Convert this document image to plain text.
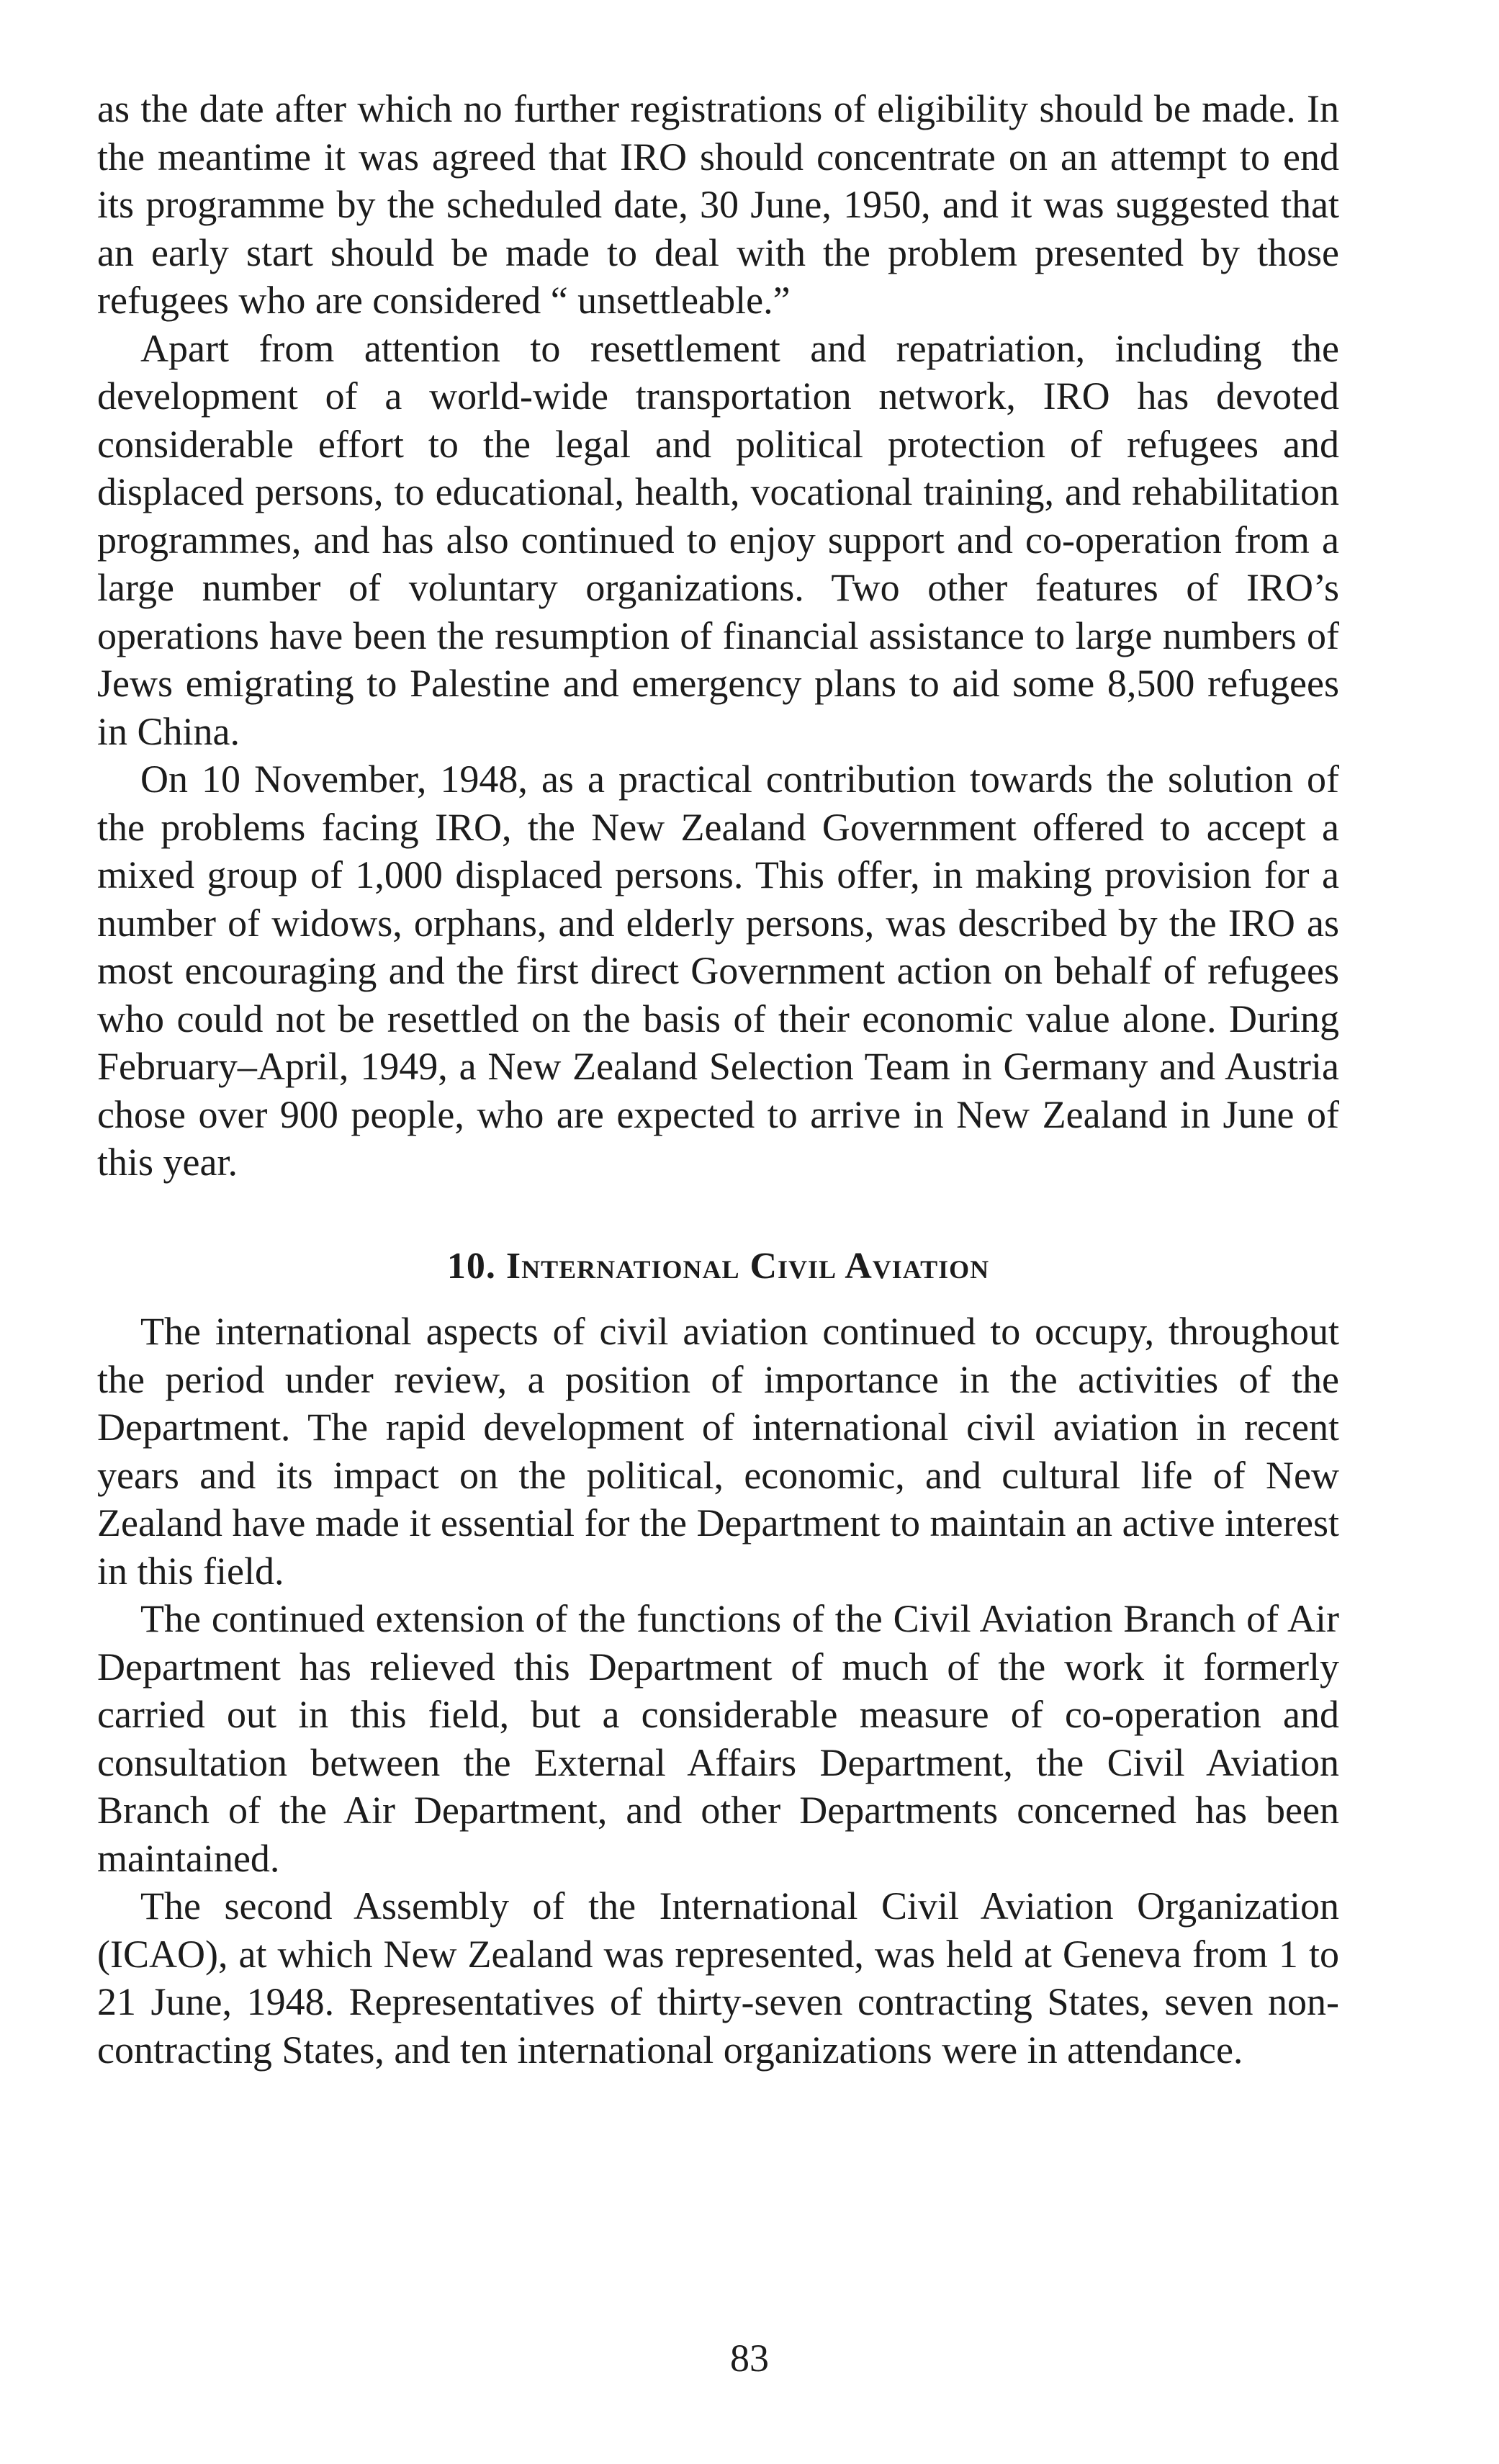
as the date after which no further registrations of eligibility should be made. In the meantime it was agreed that IRO should concentrate on an attempt to end its programme by the scheduled date, 30 June, 1950, and it was suggested that an early start should be made to deal with the problem presented by those refugees who are considered “ unsettleable.”

Apart from attention to resettlement and repatriation, including the development of a world-wide transportation network, IRO has devoted considerable effort to the legal and political protection of refugees and displaced persons, to educational, health, vocational training, and rehabilitation programmes, and has also continued to enjoy support and co-operation from a large number of voluntary organizations. Two other features of IRO’s operations have been the resumption of financial assistance to large numbers of Jews emigrating to Palestine and emergency plans to aid some 8,500 refugees in China.

On 10 November, 1948, as a practical contribution towards the solution of the problems facing IRO, the New Zealand Government offered to accept a mixed group of 1,000 displaced persons. This offer, in making provision for a number of widows, orphans, and elderly persons, was described by the IRO as most encouraging and the first direct Government action on behalf of refugees who could not be resettled on the basis of their economic value alone. During February–April, 1949, a New Zealand Selection Team in Germany and Austria chose over 900 people, who are expected to arrive in New Zealand in June of this year.

10. International Civil Aviation

The international aspects of civil aviation continued to occupy, throughout the period under review, a position of importance in the activities of the Department. The rapid development of international civil aviation in recent years and its impact on the political, economic, and cultural life of New Zealand have made it essential for the Department to maintain an active interest in this field.

The continued extension of the functions of the Civil Aviation Branch of Air Department has relieved this Department of much of the work it formerly carried out in this field, but a considerable measure of co-operation and consultation between the External Affairs Department, the Civil Aviation Branch of the Air Department, and other Departments concerned has been maintained.

The second Assembly of the International Civil Aviation Organization (ICAO), at which New Zealand was represented, was held at Geneva from 1 to 21 June, 1948. Representatives of thirty-seven contracting States, seven non-contracting States, and ten international organizations were in attendance.

83
